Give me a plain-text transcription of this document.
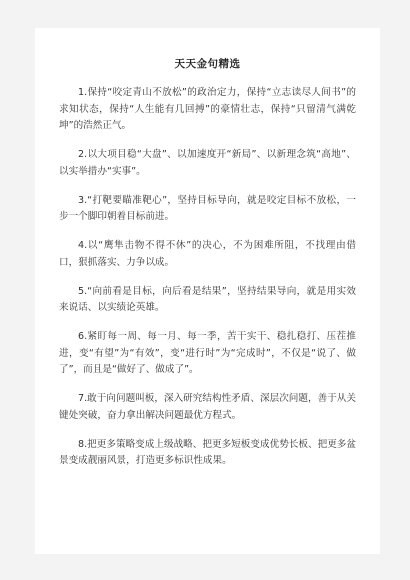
天天金句精选

1.保持“咬定青山不放松”的政治定力，保持“立志读尽人间书”的求知状态，保持“人生能有几回搏”的豪情壮志，保持“只留清气满乾坤”的浩然正气。

2.以大项目稳“大盘”、以加速度开“新局”、以新理念筑“高地”、以实举措办“实事”。

3.“打靶要瞄准靶心”，坚持目标导向，就是咬定目标不放松，一步一个脚印朝着目标前进。

4.以“鹰隼击物不得不休”的决心，不为困难所阻，不找理由借口，狠抓落实、力争以成。

5.“向前看是目标，向后看是结果”，坚持结果导向，就是用实效来说话、以实绩论英雄。

6.紧盯每一周、每一月、每一季，苦干实干、稳扎稳打、压茬推进，变“有望”为“有效”，变“进行时”为“完成时”，不仅是“说了、做了”，而且是“做好了、做成了”。

7.敢于向问题叫板，深入研究结构性矛盾、深层次问题，善于从关键处突破，奋力拿出解决问题最优方程式。

8.把更多策略变成上级战略、把更多短板变成优势长板、把更多盆景变成靓丽风景，打造更多标识性成果。
